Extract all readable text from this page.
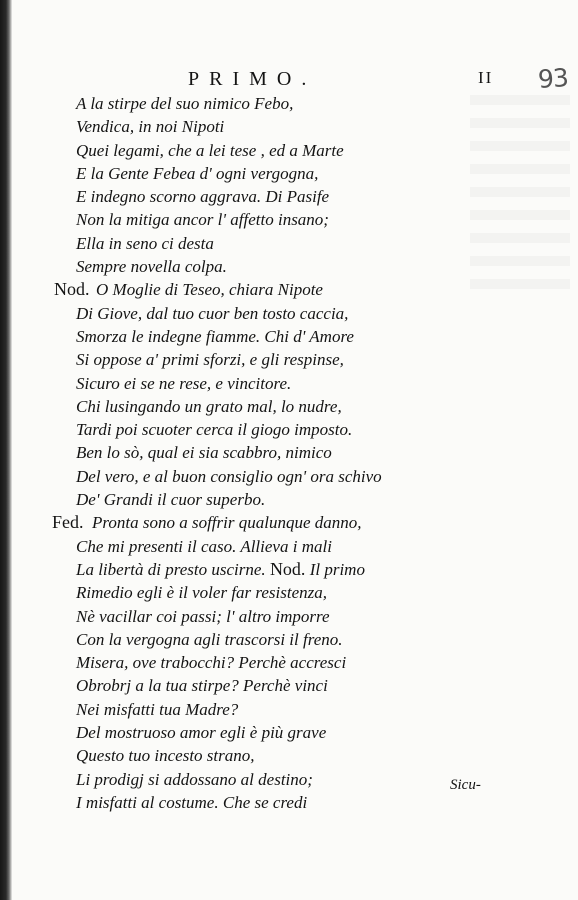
PRIMO.	II 93
A la stirpe del suo nimico Febo,
Vendica, in noi Nipoti
Quei legami, che a lei tese , ed a Marte
E la Gente Febea d' ogni vergogna,
E indegno scorno aggrava. Di Pasife
Non la mitiga ancor l' affetto insano;
Ella in seno ci desta
Sempre novella colpa.
Nod. O Moglie di Teseo, chiara Nipote
Di Giove, dal tuo cuor ben tosto caccia,
Smorza le indegne fiamme. Chi d' Amore
Si oppose a' primi sforzi, e gli respinse,
Sicuro ei se ne rese, e vincitore.
Chi lusingando un grato mal, lo nudre,
Tardi poi scuoter cerca il giogo imposto.
Ben lo sò, qual ei sia scabbro, nimico
Del vero, e al buon consiglio ogn' ora schivo
De' Grandi il cuor superbo.
Fed. Pronta sono a soffrir qualunque danno,
Che mi presenti il caso. Allieva i mali
La libertà di presto uscirne. Nod. Il primo
Rimedio egli è il voler far resistenza,
Nè vacillar coi passi; l' altro imporre
Con la vergogna agli trascorsi il freno.
Misera, ove trabocchi? Perchè accresci
Obrobrj a la tua stirpe? Perchè vinci
Nei misfatti tua Madre?
Del mostruoso amor egli è più grave
Questo tuo incesto strano,
Li prodigj si addossano al destino;
I misfatti al costume. Che se credi
Sicu-
